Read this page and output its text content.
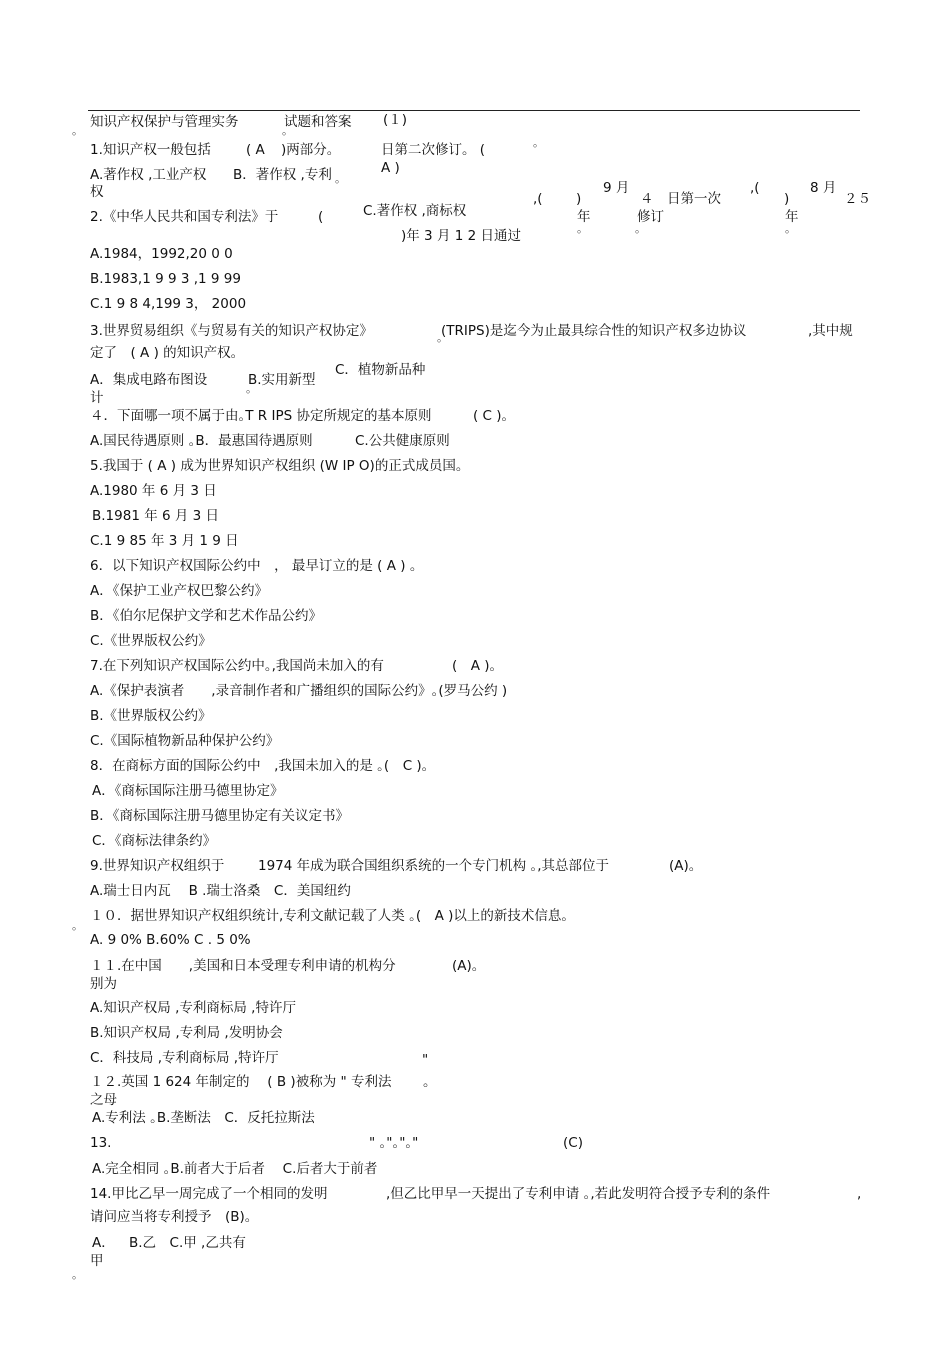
｡	｡
｡
｡
｡	｡	｡
｡
｡
｡
｡
知识产权保护与管理实务	试题和答案 (１)
1.知识产权一般包括	( A )两部分。	日第二次修订。 (
A )
A.著作权 ,工业产权
权
B．著作权 ,专利
C.著作权 ,商标权
2.《中华人民共和国专利法》于	(
,( )
9 月
年
４ 日第一次
修订
,(
)
8 月
２５
年
)年 3 月 1 2 日通过
A.1984，1992,20 0 0
B.1983,1 9 9 3 ,1 9 99
C.1 9 8 4,199 3， 2000
3.世界贸易组织《与贸易有关的知识产权协定》	(TRIPS)是迄今为止最具综合性的知识产权多边协议	,其中规
定了　( A ) 的知识产权。
A．集成电路布图设
计
B.实用新型
C．植物新品种
４．下面哪一项不属于由｡T R IPS 协定所规定的基本原则	( C )。
A.国民待遇原则 ｡B．最惠国待遇原则	C.公共健康原则
5.我国于 ( A ) 成为世界知识产权组织 (W IP O)的正式成员国。
A.1980 年 6 月 3 日
B.1981 年 6 月 3 日
C.1 9 85 年 3 月 1 9 日
6．以下知识产权国际公约中　， 最早订立的是 ( A ) 。
A．《保护工业产权巴黎公约》
B．《伯尔尼保护文学和艺术作品公约》
C.《世界版权公约》
7.在下列知识产权国际公约中｡,我国尚未加入的有	(　A )。
A.《保护表演者　　,录音制作者和广播组织的国际公约》｡(罗马公约 )
B.《世界版权公约》
C.《国际植物新品种保护公约》
8．在商标方面的国际公约中　,我国未加入的是 ｡(　C )。
A．《商标国际注册马德里协定》
B．《商标国际注册马德里协定有关议定书》
C．《商标法律条约》
9.世界知识产权组织于 1974 年成为联合国组织系统的一个专门机构 ｡,其总部位于	(A)。
A.瑞士日内瓦　 B .瑞士洛桑　C．美国纽约
１０．据世界知识产权组织统计,专利文献记载了人类 ｡(　A )以上的新技术信息。
A. 9 0% B.60% C . 5 0%
１１.在中国　　,美国和日本受理专利申请的机构分
别为
(A)。
A.知识产权局 ,专利商标局 ,特许厅
B.知识产权局 ,专利局 ,发明协会
C．科技局 ,专利商标局 ,特许厅	"
１２.英国 1 624 年制定的　 ( B )被称为 " 专利法 。
之母
A.专利法 ｡B.垄断法　C．反托拉斯法
13.	" ｡"｡"｡"	(C)
A.完全相同 ｡B.前者大于后者　 C.后者大于前者
14.甲比乙早一周完成了一个相同的发明	,但乙比甲早一天提出了专利申请 ｡,若此发明符合授予专利的条件	,
请问应当将专利授予　(B)。
A．
甲
B.乙　C.甲 ,乙共有
